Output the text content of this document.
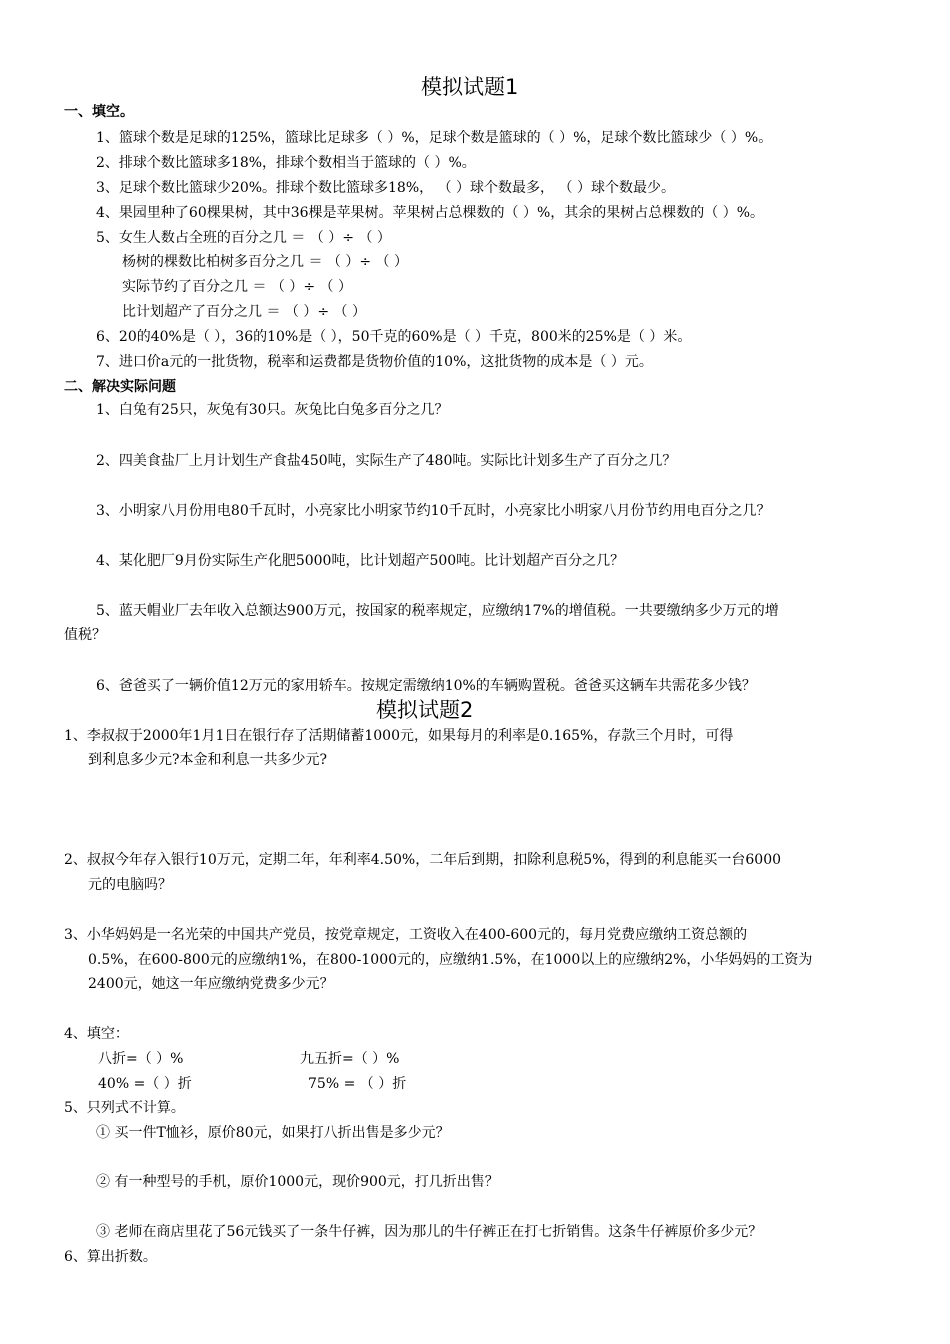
模拟试题1
一、填空。
1、篮球个数是足球的125%，篮球比足球多（ ）%，足球个数是篮球的（ ）%，足球个数比篮球少（ ）%。
2、排球个数比篮球多18%，排球个数相当于篮球的（ ）%。
3、足球个数比篮球少20%。排球个数比篮球多18%， （ ）球个数最多， （ ）球个数最少。
4、果园里种了60棵果树，其中36棵是苹果树。苹果树占总棵数的（ ）%，其余的果树占总棵数的（ ）%。
5、女生人数占全班的百分之几 ＝ （ ）÷ （ ）
杨树的棵数比柏树多百分之几 ＝ （ ）÷ （ ）
实际节约了百分之几 ＝ （ ）÷ （ ）
比计划超产了百分之几 ＝ （ ）÷ （ ）
6、20的40%是（ ），36的10%是（ ），50千克的60%是（ ）千克，800米的25%是（ ）米。
7、进口价a元的一批货物，税率和运费都是货物价值的10%，这批货物的成本是（ ）元。
二、解决实际问题
1、白兔有25只，灰兔有30只。灰兔比白兔多百分之几？
2、四美食盐厂上月计划生产食盐450吨，实际生产了480吨。实际比计划多生产了百分之几？
3、小明家八月份用电80千瓦时，小亮家比小明家节约10千瓦时，小亮家比小明家八月份节约用电百分之几？
4、某化肥厂9月份实际生产化肥5000吨，比计划超产500吨。比计划超产百分之几？
5、蓝天帽业厂去年收入总额达900万元，按国家的税率规定，应缴纳17%的增值税。一共要缴纳多少万元的增
值税？
6、爸爸买了一辆价值12万元的家用轿车。按规定需缴纳10%的车辆购置税。爸爸买这辆车共需花多少钱？
模拟试题2
1、李叔叔于2000年1月1日在银行存了活期储蓄1000元，如果每月的利率是0.165%，存款三个月时，可得
到利息多少元?本金和利息一共多少元?
2、叔叔今年存入银行10万元，定期二年，年利率4.50%，二年后到期，扣除利息税5%，得到的利息能买一台6000
元的电脑吗？
3、小华妈妈是一名光荣的中国共产党员，按党章规定，工资收入在400-600元的，每月党费应缴纳工资总额的
0.5%，在600-800元的应缴纳1%，在800-1000元的，应缴纳1.5%，在1000以上的应缴纳2%，小华妈妈的工资为
2400元，她这一年应缴纳党费多少元？
4、填空：
八折=（ ）%	九五折=（ ）%
40% =（ ）折	75% = （ ）折
5、只列式不计算。
① 买一件T恤衫，原价80元，如果打八折出售是多少元？
② 有一种型号的手机，原价1000元，现价900元，打几折出售？
③ 老师在商店里花了56元钱买了一条牛仔裤，因为那儿的牛仔裤正在打七折销售。这条牛仔裤原价多少元？
6、算出折数。
